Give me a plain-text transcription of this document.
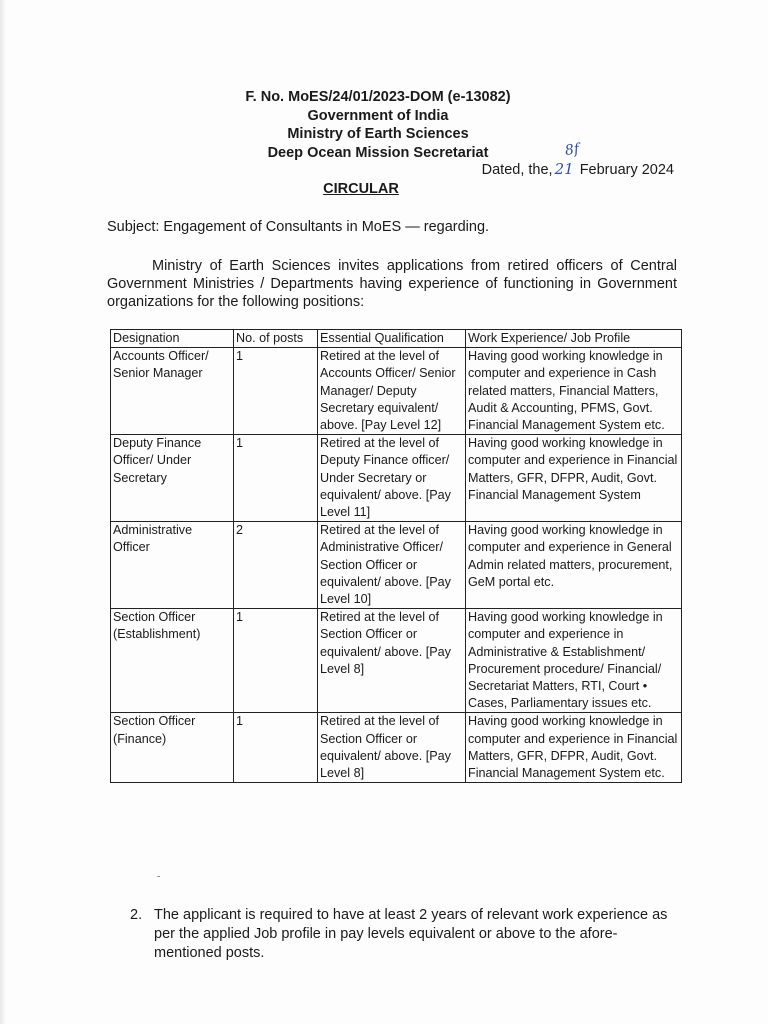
F. No. MoES/24/01/2023-DOM (e-13082)
Government of India
Ministry of Earth Sciences
Deep Ocean Mission Secretariat	8f
Dated, the, 21 February 2024
CIRCULAR
Subject: Engagement of Consultants in MoES — regarding.
Ministry of Earth Sciences invites applications from retired officers of Central Government Ministries / Departments having experience of functioning in Government organizations for the following positions:
Designation	No. of posts	Essential Qualification	Work Experience/ Job Profile
Accounts Officer/ Senior Manager	1	Retired at the level of Accounts Officer/ Senior Manager/ Deputy Secretary equivalent/ above. [Pay Level 12]	Having good working knowledge in computer and experience in Cash related matters, Financial Matters, Audit & Accounting, PFMS, Govt. Financial Management System etc.
Deputy Finance Officer/ Under Secretary	1	Retired at the level of Deputy Finance officer/ Under Secretary or equivalent/ above. [Pay Level 11]	Having good working knowledge in computer and experience in Financial Matters, GFR, DFPR, Audit, Govt. Financial Management System
Administrative Officer	2	Retired at the level of Administrative Officer/ Section Officer or equivalent/ above. [Pay Level 10]	Having good working knowledge in computer and experience in General Admin related matters, procurement, GeM portal etc.
Section Officer (Establishment)	1	Retired at the level of Section Officer or equivalent/ above. [Pay Level 8]	Having good working knowledge in computer and experience in Administrative & Establishment/ Procurement procedure/ Financial/ Secretariat Matters, RTI, Court • Cases, Parliamentary issues etc.
Section Officer (Finance)	1	Retired at the level of Section Officer or equivalent/ above. [Pay Level 8]	Having good working knowledge in computer and experience in Financial Matters, GFR, DFPR, Audit, Govt. Financial Management System etc.
2. The applicant is required to have at least 2 years of relevant work experience as per the applied Job profile in pay levels equivalent or above to the afore-mentioned posts.
